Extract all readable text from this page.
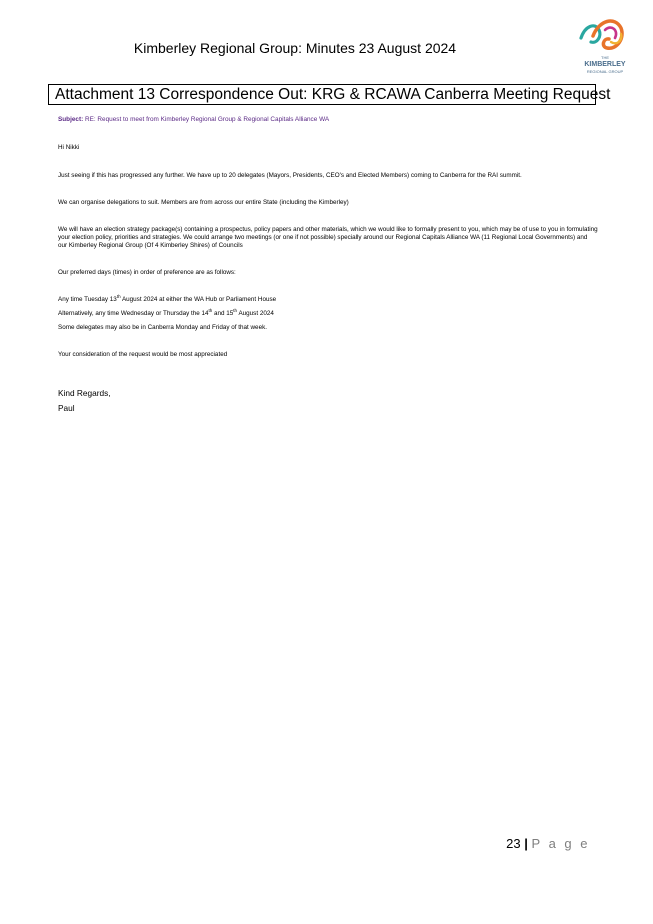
Kimberley Regional Group: Minutes 23 August 2024
THE
KIMBERLEY
REGIONAL GROUP
Attachment 13 Correspondence Out: KRG & RCAWA Canberra Meeting Request

Subject: RE: Request to meet from Kimberley Regional Group & Regional Capitals Alliance WA

Hi Nikki

Just seeing if this has progressed any further. We have up to 20 delegates (Mayors, Presidents, CEO's and Elected Members) coming to Canberra for the RAI summit.

We can organise delegations to suit. Members are from across our entire State (including the Kimberley)

We will have an election strategy package(s) containing a prospectus, policy papers and other materials, which we would like to formally present to you, which may be of use to you in formulating your election policy, priorities and strategies. We could arrange two meetings (or one if not possible) specially around our Regional Capitals Alliance WA (11 Regional Local Governments) and our Kimberley Regional Group (Of 4 Kimberley Shires) of Councils

Our preferred days (times) in order of preference are as follows:

Any time Tuesday 13th August 2024 at either the WA Hub or Parliament House

Alternatively, any time Wednesday or Thursday the 14th and 15th August 2024

Some delegates may also be in Canberra Monday and Friday of that week.

Your consideration of the request would be most appreciated

Kind Regards,

Paul

23 | P a g e
